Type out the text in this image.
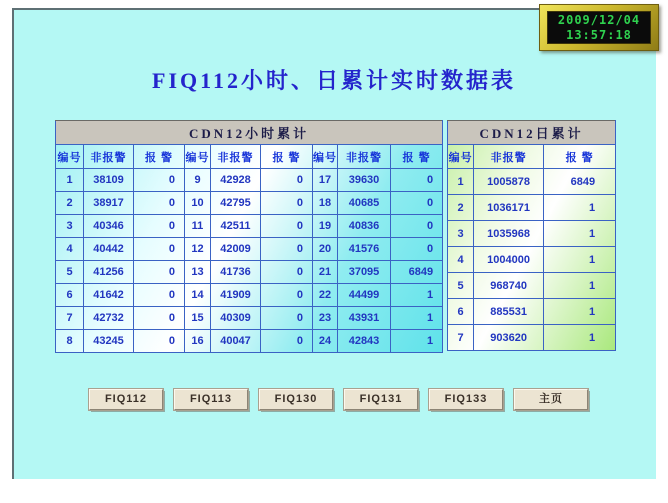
2009/12/04
13:57:18
FIQ112小时、日累计实时数据表
CDN12小时累计								
编号	非报警	报 警	编号	非报警	报 警	编号	非报警	报 警
1	38109	0	9	42928	0	17	39630	0
2	38917	0	10	42795	0	18	40685	0
3	40346	0	11	42511	0	19	40836	0
4	40442	0	12	42009	0	20	41576	0
5	41256	0	13	41736	0	21	37095	6849
6	41642	0	14	41909	0	22	44499	1
7	42732	0	15	40309	0	23	43931	1
8	43245	0	16	40047	0	24	42843	1
CDN12日累计		
编号	非报警	报 警
1	1005878	6849
2	1036171	1
3	1035968	1
4	1004000	1
5	968740	1
6	885531	1
7	903620	1
FIQ112	FIQ113	FIQ130	FIQ131	FIQ133	主页
